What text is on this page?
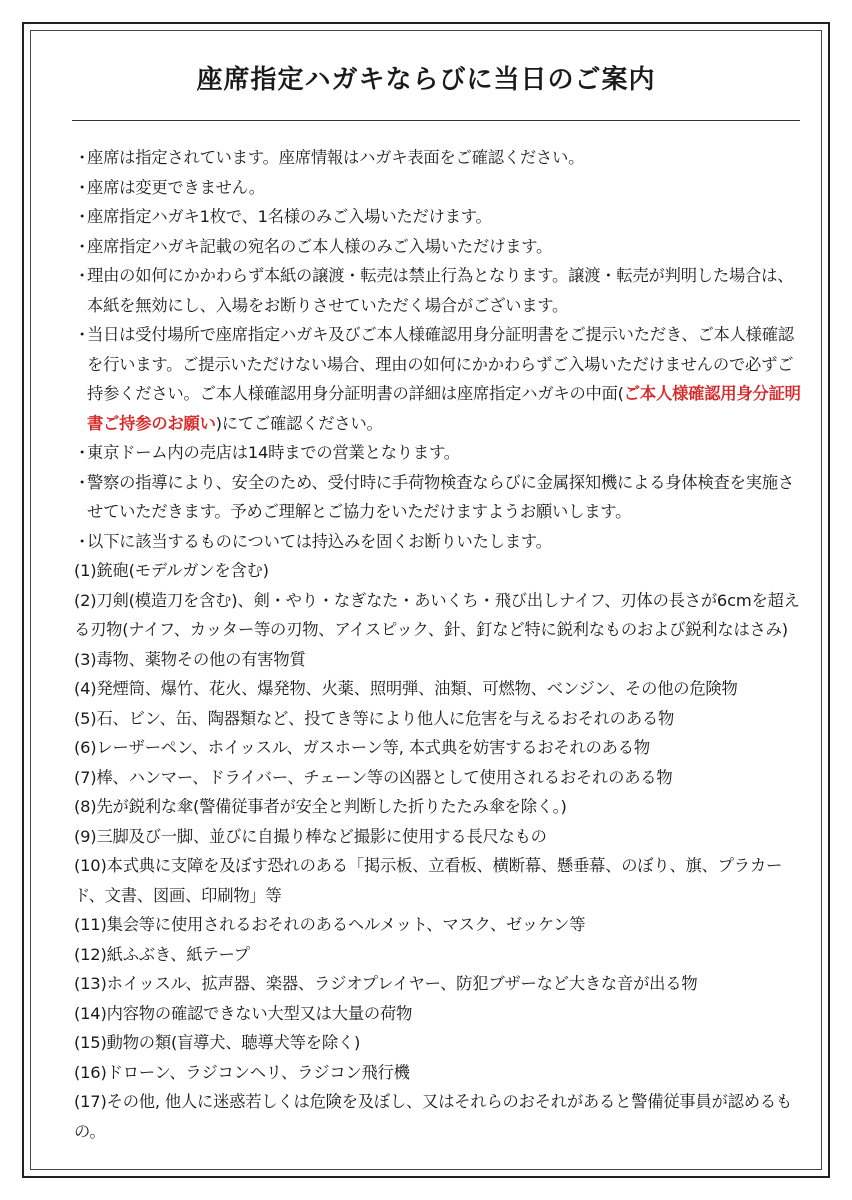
座席指定ハガキならびに当日のご案内
・ 座席は指定されています。座席情報はハガキ表面をご確認ください。
・ 座席は変更できません。
・ 座席指定ハガキ1枚で、1名様のみご入場いただけます。
・ 座席指定ハガキ記載の宛名のご本人様のみご入場いただけます。
・ 理由の如何にかかわらず本紙の譲渡・転売は禁止行為となります。譲渡・転売が判明した場合は、本紙を無効にし、入場をお断りさせていただく場合がございます。
・ 当日は受付場所で座席指定ハガキ及びご本人様確認用身分証明書をご提示いただき、ご本人様確認を行います。ご提示いただけない場合、理由の如何にかかわらずご入場いただけませんので必ずご持参ください。ご本人様確認用身分証明書の詳細は座席指定ハガキの中面(ご本人様確認用身分証明書ご持参のお願い)にてご確認ください。
・ 東京ドーム内の売店は14時までの営業となります。
・ 警察の指導により、安全のため、受付時に手荷物検査ならびに金属探知機による身体検査を実施させていただきます。予めご理解とご協力をいただけますようお願いします。
・ 以下に該当するものについては持込みを固くお断りいたします。
(1)銃砲(モデルガンを含む)
(2)刀剣(模造刀を含む)、剣・やり・なぎなた・あいくち・飛び出しナイフ、刃体の長さが6cmを超える刃物(ナイフ、カッター等の刃物、アイスピック、針、釘など特に鋭利なものおよび鋭利なはさみ)
(3)毒物、薬物その他の有害物質
(4)発煙筒、爆竹、花火、爆発物、火薬、照明弾、油類、可燃物、ベンジン、その他の危険物
(5)石、ビン、缶、陶器類など、投てき等により他人に危害を与えるおそれのある物
(6)レーザーペン、ホイッスル、ガスホーン等, 本式典を妨害するおそれのある物
(7)棒、ハンマー、ドライバー、チェーン等の凶器として使用されるおそれのある物
(8)先が鋭利な傘(警備従事者が安全と判断した折りたたみ傘を除く。)
(9)三脚及び一脚、並びに自撮り棒など撮影に使用する長尺なもの
(10)本式典に支障を及ぼす恐れのある「掲示板、立看板、横断幕、懸垂幕、のぼり、旗、プラカード、文書、図画、印刷物」等
(11)集会等に使用されるおそれのあるヘルメット、マスク、ゼッケン等
(12)紙ふぶき、紙テープ
(13)ホイッスル、拡声器、楽器、ラジオプレイヤー、防犯ブザーなど大きな音が出る物
(14)内容物の確認できない大型又は大量の荷物
(15)動物の類(盲導犬、聴導犬等を除く)
(16)ドローン、ラジコンヘリ、ラジコン飛行機
(17)その他, 他人に迷惑若しくは危険を及ぼし、又はそれらのおそれがあると警備従事員が認めるもの。
